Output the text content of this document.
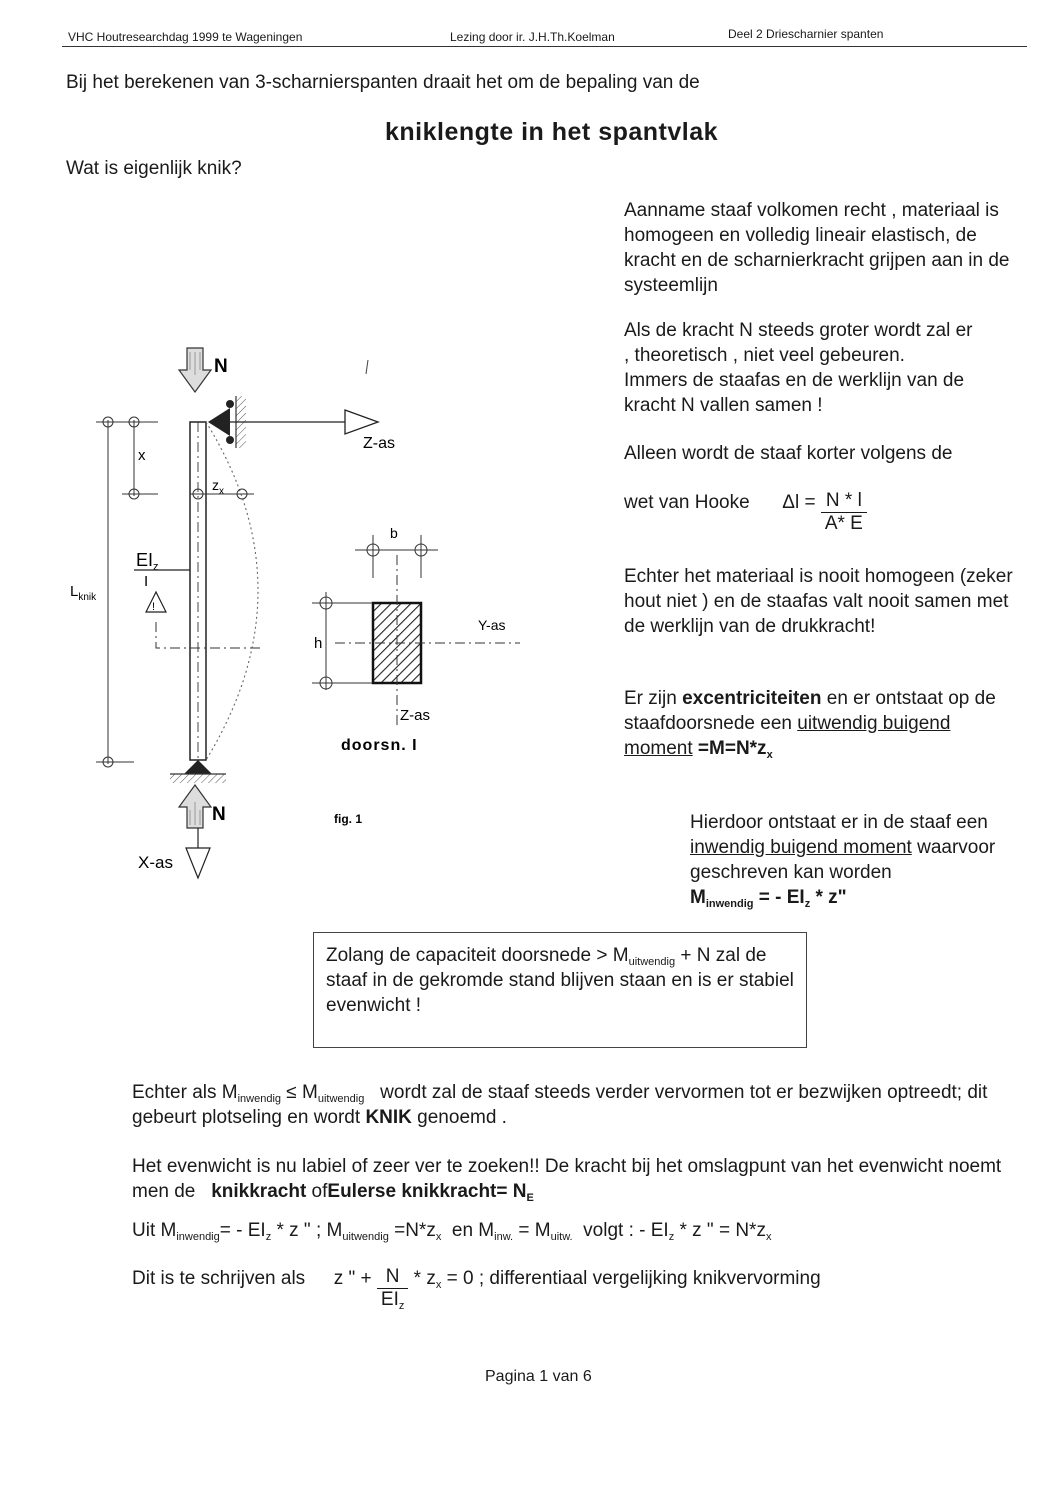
VHC Houtresearchdag 1999 te Wageningen	Lezing door ir. J.H.Th.Koelman	Deel 2 Driescharnier spanten
Bij het berekenen van 3-scharnierspanten draait het om de bepaling van de
kniklengte in het spantvlak
Wat is eigenlijk knik?
Aanname staaf volkomen recht , materiaal is homogeen en volledig lineair elastisch, de kracht en de scharnierkracht grijpen aan in de systeemlijn
Als de kracht N steeds groter wordt zal er
, theoretisch , niet veel gebeuren.
Immers de staafas en de werklijn van de
kracht N vallen samen !
Alleen wordt de staaf korter volgens de
wet van Hooke $\Delta l = \frac{N * l}{A* E}$
Echter het materiaal is nooit homogeen (zeker hout niet ) en de staafas valt nooit samen met de werklijn van de drukkracht!
Er zijn excentriciteiten en er ontstaat op de staafdoorsnede een uitwendig buigend moment $=M=N*z_x$
Hierdoor ontstaat er in de staaf een inwendig buigend moment waarvoor geschreven kan worden
$M_{inwendig}$ = - $EI_z$ * z"
N
Z-as
N
X-as
x
$z_x$
$L_{knik}$
$EI_z$
I
!
b
h
Y-as
Z-as
doorsn. I
fig. 1
Zolang de capaciteit doorsnede > $M_{uitwendig} + N$ zal de staaf in de gekromde stand blijven staan en is er stabiel evenwicht !
Echter als $M_{inwendig} \le M_{uitwendig}$ wordt zal de staaf steeds verder vervormen tot er bezwijken optreedt; dit gebeurt plotseling en wordt KNIK genoemd .
Het evenwicht is nu labiel of zeer ver te zoeken!! De kracht bij het omslagpunt van het evenwicht noemt men de knikkracht ofEulerse knikkracht= $N_E$
Uit $M_{inwendig}= - EI_z * z$ " ; $M_{uitwendig} =N*z_x$ en $M_{inw.} = M_{uitw.}$ volgt : - $EI_z$ * z " = $N*z_x$
Dit is te schrijven als z " + $\frac{N}{EI_z} * z_x = 0$ ; differentiaal vergelijking knikvervorming
Pagina 1 van 6
